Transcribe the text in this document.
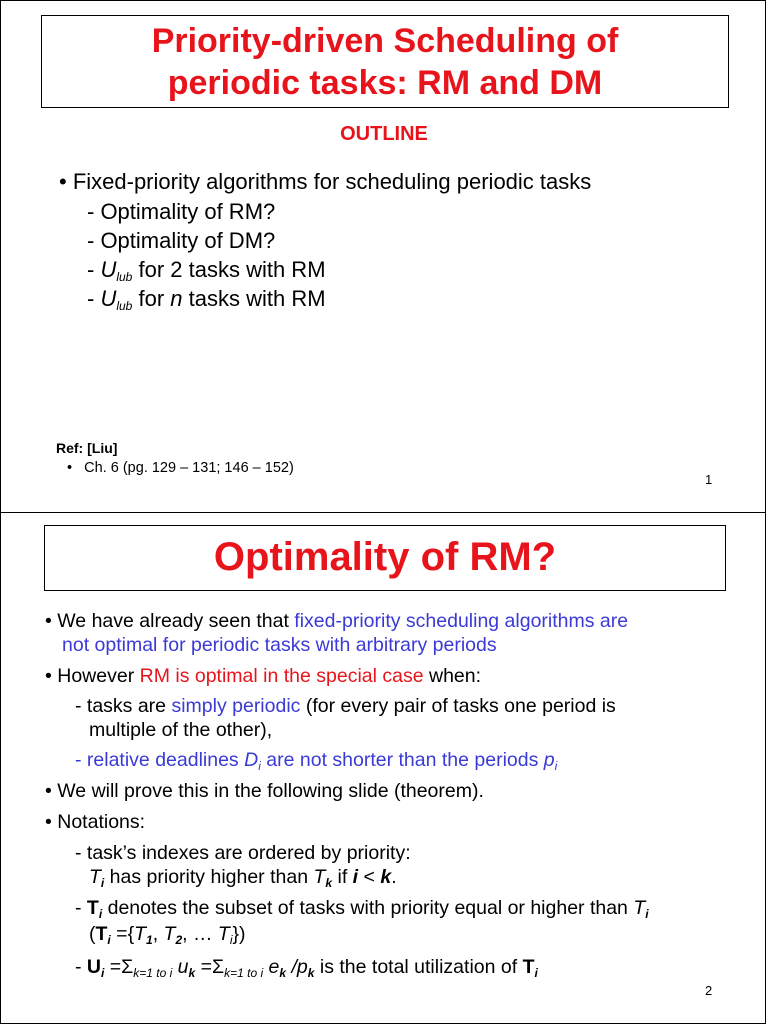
Priority-driven Scheduling of
periodic tasks: RM and DM
OUTLINE
• Fixed-priority algorithms for scheduling periodic tasks
- Optimality of RM?
- Optimality of DM?
- $U_{lub}$ for 2 tasks with RM
- $U_{lub}$ for n tasks with RM
Ref: [Liu]
•   Ch. 6 (pg. 129 – 131; 146 – 152)
1
Optimality of RM?
• We have already seen that fixed-priority scheduling algorithms are
not optimal for periodic tasks with arbitrary periods
• However RM is optimal in the special case when:
- tasks are simply periodic (for every pair of tasks one period is
multiple of the other),
- relative deadlines $D_i$ are not shorter than the periods $p_i$
• We will prove this in the following slide (theorem).
• Notations:
- task’s indexes are ordered by priority:
$T_i$ has priority higher than $T_k$ if i < k.
- $T_i$ denotes the subset of tasks with priority equal or higher than $T_i$
($T_i =\{T_1$, $T_2$, … $T_i$})
- $U_i =\Sigma_{k=1 to i}$ $u_k =\Sigma_{k=1 to i}$ $e_k$ $/p_k$ is the total utilization of $T_i$
2
